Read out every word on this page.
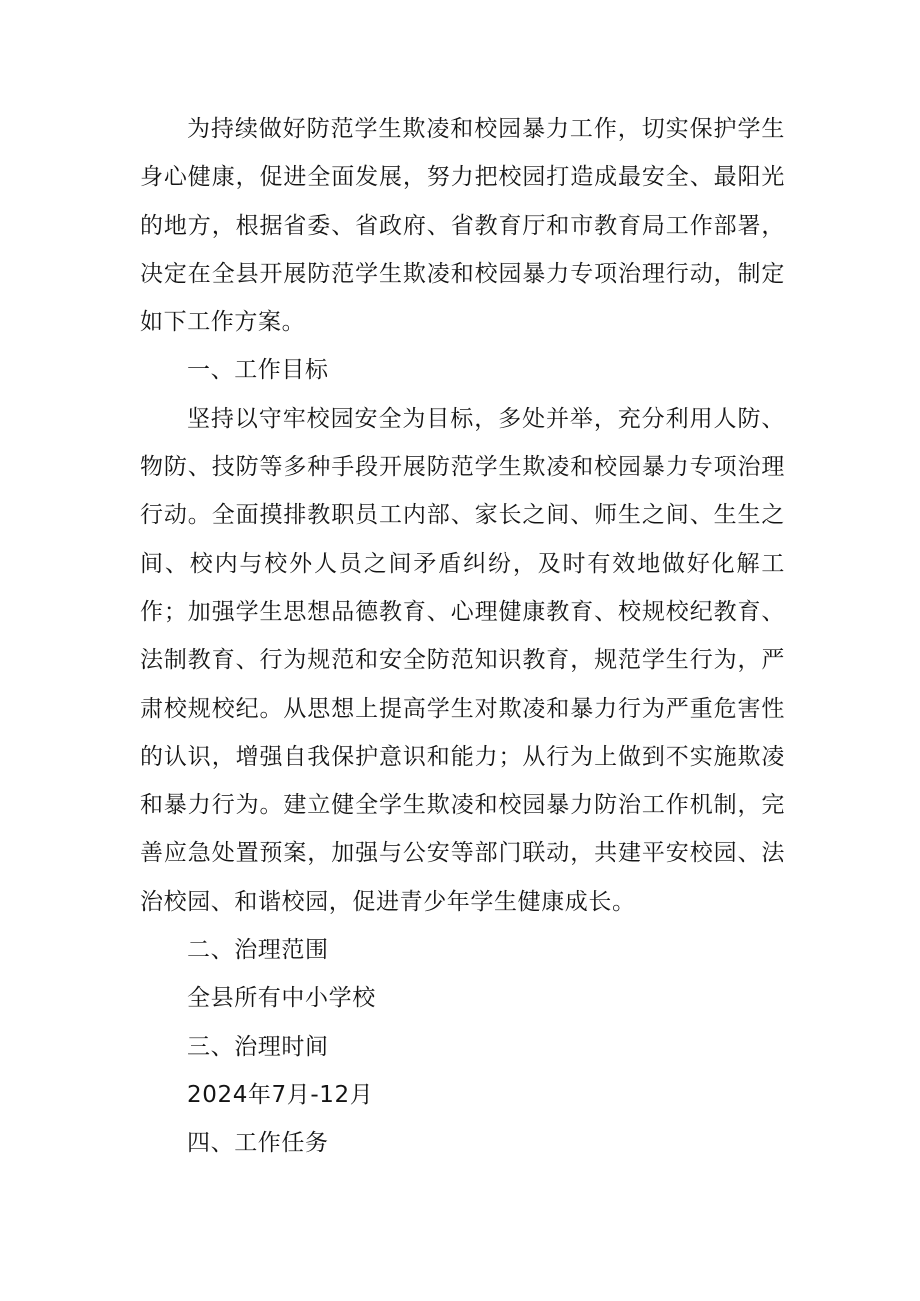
为持续做好防范学生欺凌和校园暴力工作，切实保护学生身心健康，促进全面发展，努力把校园打造成最安全、最阳光的地方，根据省委、省政府、省教育厅和市教育局工作部署，决定在全县开展防范学生欺凌和校园暴力专项治理行动，制定如下工作方案。

一、工作目标

坚持以守牢校园安全为目标，多处并举，充分利用人防、物防、技防等多种手段开展防范学生欺凌和校园暴力专项治理行动。全面摸排教职员工内部、家长之间、师生之间、生生之间、校内与校外人员之间矛盾纠纷，及时有效地做好化解工作；加强学生思想品德教育、心理健康教育、校规校纪教育、法制教育、行为规范和安全防范知识教育，规范学生行为，严肃校规校纪。从思想上提高学生对欺凌和暴力行为严重危害性的认识，增强自我保护意识和能力；从行为上做到不实施欺凌和暴力行为。建立健全学生欺凌和校园暴力防治工作机制，完善应急处置预案，加强与公安等部门联动，共建平安校园、法治校园、和谐校园，促进青少年学生健康成长。

二、治理范围

全县所有中小学校

三、治理时间

2024年7月-12月

四、工作任务
